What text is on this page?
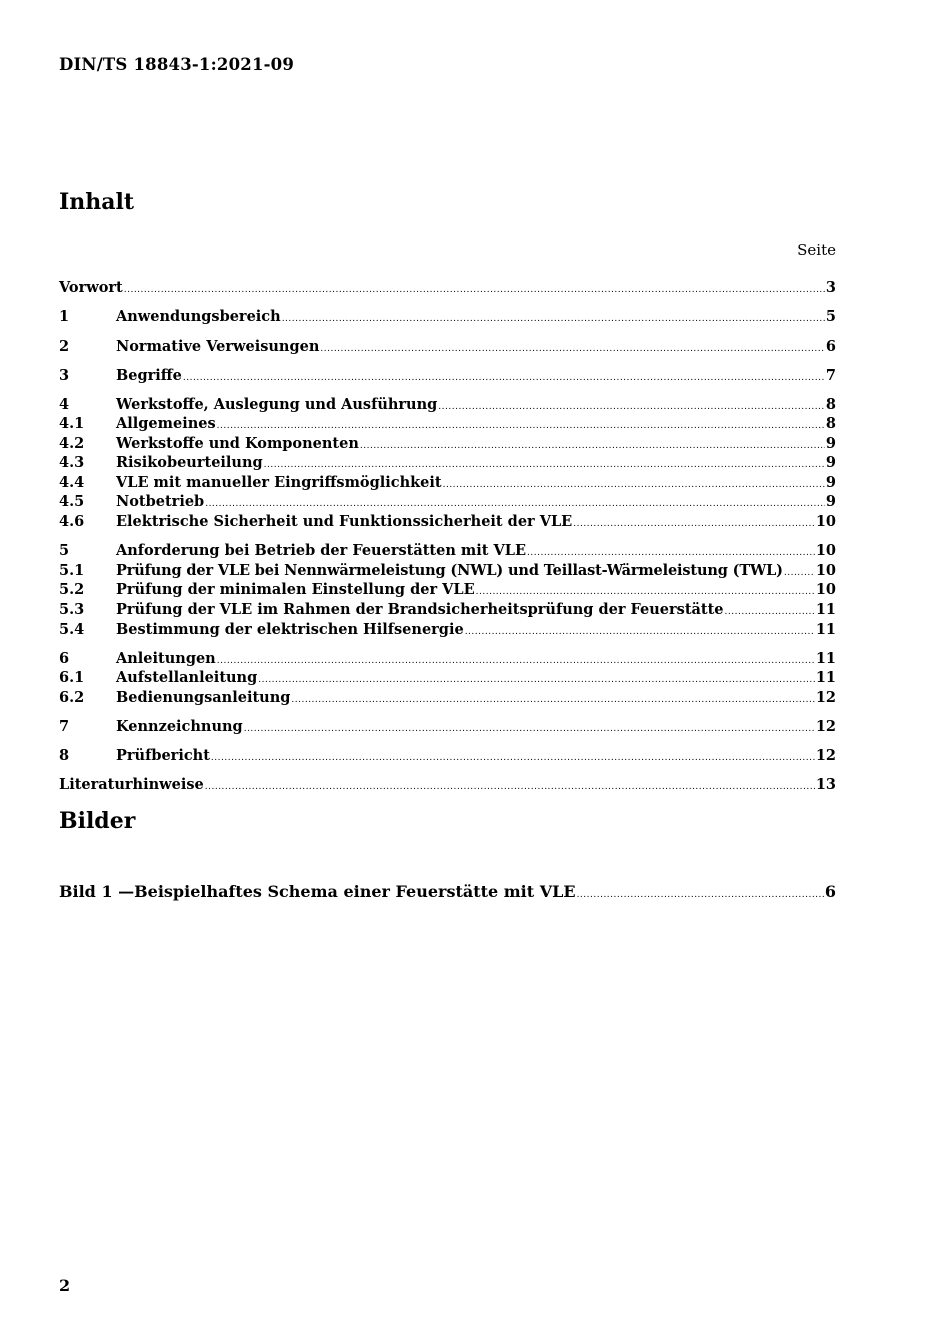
DIN/TS 18843-1:2021-09
Inhalt
Seite
Vorwort .....	3
1	Anwendungsbereich .....	5
2	Normative Verweisungen .....	6
3	Begriffe .....	7
4	Werkstoffe, Auslegung und Ausführung .....	8
4.1	Allgemeines .....	8
4.2	Werkstoffe und Komponenten .....	9
4.3	Risikobeurteilung .....	9
4.4	VLE mit manueller Eingriffsmöglichkeit .....	9
4.5	Notbetrieb .....	9
4.6	Elektrische Sicherheit und Funktionssicherheit der VLE .....	10
5	Anforderung bei Betrieb der Feuerstätten mit VLE .....	10
5.1	Prüfung der VLE bei Nennwärmeleistung (NWL) und Teillast-Wärmeleistung (TWL) ..... 10
5.2	Prüfung der minimalen Einstellung der VLE .....	10
5.3	Prüfung der VLE im Rahmen der Brandsicherheitsprüfung der Feuerstätte .....	11
5.4	Bestimmung der elektrischen Hilfsenergie .....	11
6	Anleitungen .....	11
6.1	Aufstellanleitung .....	11
6.2	Bedienungsanleitung .....	12
7	Kennzeichnung .....	12
8	Prüfbericht .....	12
Literaturhinweise .....	13
Bilder
Bild 1 —Beispielhaftes Schema einer Feuerstätte mit VLE .....	6
2
